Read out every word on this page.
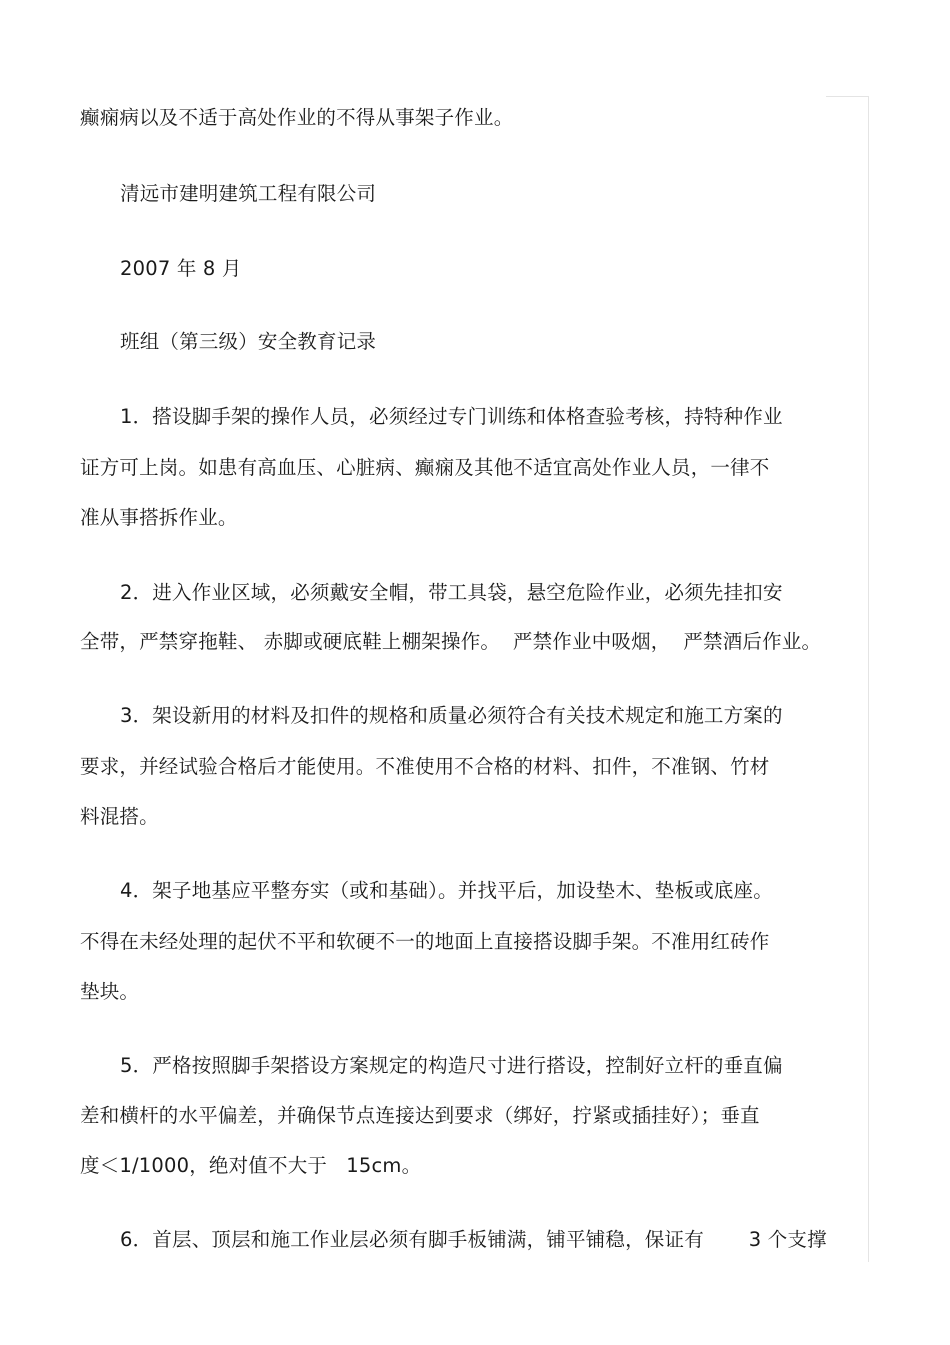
癫痫病以及不适于高处作业的不得从事架子作业。
清远市建明建筑工程有限公司
2007 年 8 月
班组（第三级）安全教育记录
1．搭设脚手架的操作人员，必须经过专门训练和体格查验考核，持特种作业
证方可上岗。如患有高血压、心脏病、癫痫及其他不适宜高处作业人员，一律不
准从事搭拆作业。
2．进入作业区域，必须戴安全帽，带工具袋，悬空危险作业，必须先挂扣安
全带，严禁穿拖鞋、 赤脚或硬底鞋上棚架操作。  严禁作业中吸烟，  严禁酒后作业。
3．架设新用的材料及扣件的规格和质量必须符合有关技术规定和施工方案的
要求，并经试验合格后才能使用。不准使用不合格的材料、扣件，不准钢、竹材
料混搭。
4．架子地基应平整夯实（或和基础）。并找平后，加设垫木、垫板或底座。
不得在未经处理的起伏不平和软硬不一的地面上直接搭设脚手架。不准用红砖作
垫块。
5．严格按照脚手架搭设方案规定的构造尺寸进行搭设，控制好立杆的垂直偏
差和横杆的水平偏差，并确保节点连接达到要求（绑好，拧紧或插挂好）；垂直
度＜1/1000，绝对值不大于   15cm。
6．首层、顶层和施工作业层必须有脚手板铺满，铺平铺稳，保证有       3 个支撑
